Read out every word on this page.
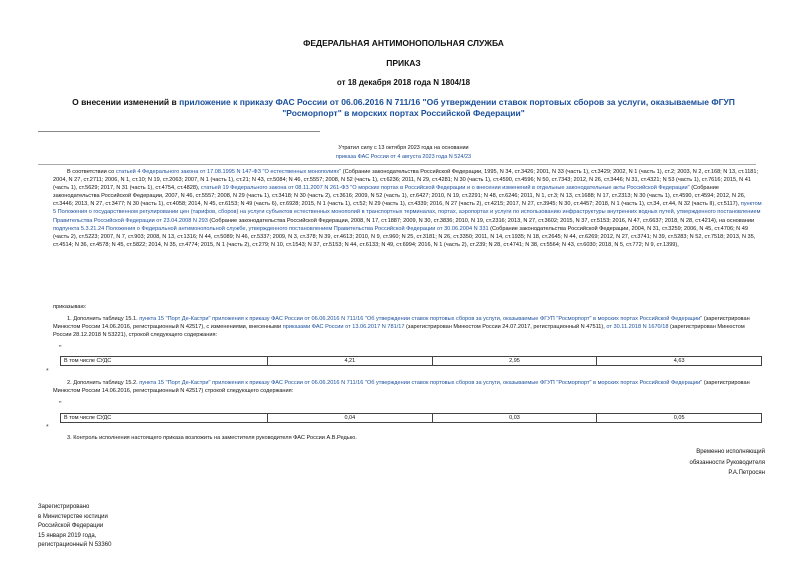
ФЕДЕРАЛЬНАЯ АНТИМОНОПОЛЬНАЯ СЛУЖБА
ПРИКАЗ
от 18 декабря 2018 года N 1804/18
О внесении изменений в приложение к приказу ФАС России от 06.06.2016 N 711/16 "Об утверждении ставок портовых сборов за услуги, оказываемые ФГУП "Росморпорт" в морских портах Российской Федерации"
Утратил силу с 13 октября 2023 года на основании
приказа ФАС России от 4 августа 2023 года N 524/23
В соответствии со статьей 4 Федерального закона от 17.08.1995 N 147-ФЗ "О естественных монополиях" (Собрание законодательства Российской Федерации, 1995, N 34, ст.3426; 2001, N 33 (часть 1), ст.3429; 2002, N 1 (часть 1), ст.2; 2003, N 2, ст.168; N 13, ст.1181; 2004, N 27, ст.2711; 2006, N 1, ст.10; N 19, ст.2063; 2007, N 1 (часть 1), ст.21; N 43, ст.5084; N 46, ст.5557; 2008, N 52 (часть 1), ст.6236; 2011, N 29, ст.4281; N 30 (часть 1), ст.4590, ст.4596; N 50, ст.7343; 2012, N 26, ст.3446; N 31, ст.4321; N 53 (часть 1), ст.7616; 2015, N 41 (часть 1), ст.5629; 2017, N 31 (часть 1), ст.4754, ст.4828), статьей 19 Федерального закона от 08.11.2007 N 261-ФЗ "О морских портах в Российской Федерации и о внесении изменений в отдельные законодательные акты Российской Федерации" (Собрание законодательства Российской Федерации, 2007, N 46, ст.5557; 2008, N 29 (часть 1), ст.3418; N 30 (часть 2), ст.3616; 2009, N 52 (часть 1), ст.6427; 2010, N 19, ст.2291; N 48, ст.6246; 2011, N 1, ст.3; N 13, ст.1688; N 17, ст.2313; N 30 (часть 1), ст.4590, ст.4594; 2012, N 26, ст.3446; 2013, N 27, ст.3477; N 30 (часть 1), ст.4058; 2014, N 45, ст.6153; N 49 (часть 6), ст.6928; 2015, N 1 (часть 1), ст.52; N 29 (часть 1), ст.4339; 2016, N 27 (часть 2), ст.4215; 2017, N 27, ст.3945; N 30, ст.4457; 2018, N 1 (часть 1), ст.34, ст.44, N 32 (часть II), ст.5117), пунктом 5 Положения о государственном регулировании цен (тарифов, сборов) на услуги субъектов естественных монополий в транспортных терминалах, портах, аэропортах и услуги по использованию инфраструктуры внутренних водных путей, утвержденного постановлением Правительства Российской Федерации от 23.04.2008 N 293 (Собрание законодательства Российской Федерации, 2008, N 17, ст.1887; 2009, N 30, ст.3836; 2010, N 19, ст.2316; 2013, N 27, ст.3602; 2015, N 37, ст.5153; 2016, N 47, ст.6637; 2018, N 28, ст.4214), на основании подпункта 5.3.21.24 Положения о Федеральной антимонопольной службе, утвержденного постановлением Правительства Российской Федерации от 30.06.2004 N 331 (Собрание законодательства Российской Федерации, 2004, N 31, ст.3259; 2006, N 45, ст.4706; N 49 (часть 2), ст.5223; 2007, N 7, ст.903; 2008, N 13, ст.1316; N 44, ст.5089; N 46, ст.5337; 2009, N 3, ст.378; N 39, ст.4613; 2010, N 9, ст.960; N 25, ст.3181; N 26, ст.3350; 2011, N 14, ст.1935; N 18, ст.2645; N 44, ст.6269; 2012, N 27, ст.3741; N 39, ст.5283; N 52, ст.7518; 2013, N 35, ст.4514; N 36, ст.4578; N 45, ст.5822; 2014, N 35, ст.4774; 2015, N 1 (часть 2), ст.279; N 10, ст.1543; N 37, ст.5153; N 44, ст.6133; N 49, ст.6994; 2016, N 1 (часть 2), ст.239; N 28, ст.4741; N 38, ст.5564; N 43, ст.6030; 2018, N 5, ст.772; N 9, ст.1399),
приказываю:
1. Дополнить таблицу 15.1. пункта 15 "Порт Де-Кастри" приложения к приказу ФАС России от 06.06.2016 N 711/16 "Об утверждении ставок портовых сборов за услуги, оказываемые ФГУП "Росморпорт" в морских портах Российской Федерации" (зарегистрирован Минюстом России 14.06.2016, регистрационный N 42517), с изменениями, внесенными приказами ФАС России от 13.06.2017 N 781/17 (зарегистрирован Минюстом России 24.07.2017, регистрационный N 47511), от 30.11.2018 N 1670/18 (зарегистрирован Минюстом России 28.12.2018 N 53221), строкой следующего содержания:
"
В том числе СУДС	4,21	2,95	4,63
*
2. Дополнить таблицу 15.2. пункта 15 "Порт Де-Кастри" приложения к приказу ФАС России от 06.06.2016 N 711/16 "Об утверждении ставок портовых сборов за услуги, оказываемые ФГУП "Росморпорт" в морских портах Российской Федерации" (зарегистрирован Минюстом России 14.06.2016, регистрационный N 42517) строкой следующего содержания:
"
В том числе СУДС	0,04	0,03	0,05
*
3. Контроль исполнения настоящего приказа возложить на заместителя руководителя ФАС России А.В.Редько.
Временно исполняющий
обязанности Руководителя
Р.А.Петросян
Зарегистрировано
в Министерстве юстиции
Российской Федерации
15 января 2019 года,
регистрационный N 53360
